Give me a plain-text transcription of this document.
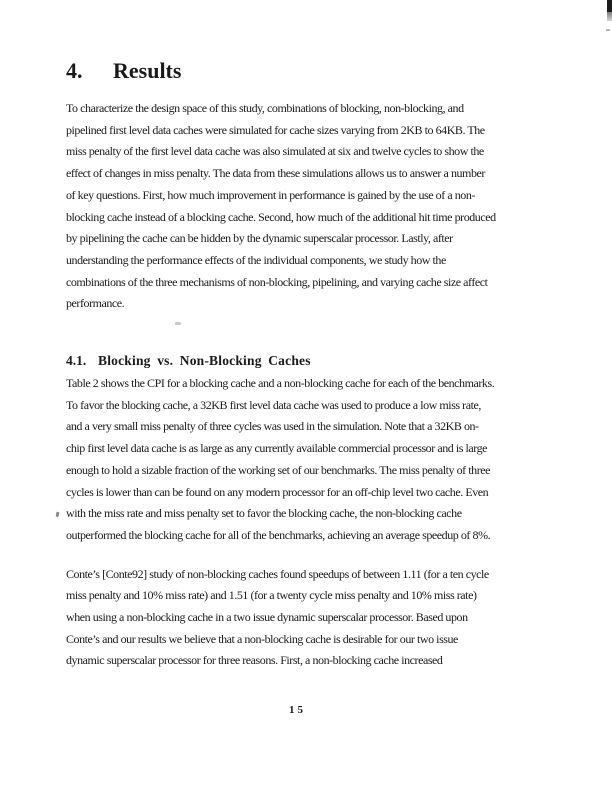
4. Results
To characterize the design space of this study, combinations of blocking, non-blocking, and
pipelined first level data caches were simulated for cache sizes varying from 2KB to 64KB. The
miss penalty of the first level data cache was also simulated at six and twelve cycles to show the
effect of changes in miss penalty. The data from these simulations allows us to answer a number
of key questions. First, how much improvement in performance is gained by the use of a non-
blocking cache instead of a blocking cache. Second, how much of the additional hit time produced
by pipelining the cache can be hidden by the dynamic superscalar processor. Lastly, after
understanding the performance effects of the individual components, we study how the
combinations of the three mechanisms of non-blocking, pipelining, and varying cache size affect
performance.
4.1. Blocking vs. Non-Blocking Caches
Table 2 shows the CPI for a blocking cache and a non-blocking cache for each of the benchmarks.
To favor the blocking cache, a 32KB first level data cache was used to produce a low miss rate,
and a very small miss penalty of three cycles was used in the simulation. Note that a 32KB on-
chip first level data cache is as large as any currently available commercial processor and is large
enough to hold a sizable fraction of the working set of our benchmarks. The miss penalty of three
cycles is lower than can be found on any modern processor for an off-chip level two cache. Even
with the miss rate and miss penalty set to favor the blocking cache, the non-blocking cache
outperformed the blocking cache for all of the benchmarks, achieving an average speedup of 8%.
Conte’s [Conte92] study of non-blocking caches found speedups of between 1.11 (for a ten cycle
miss penalty and 10% miss rate) and 1.51 (for a twenty cycle miss penalty and 10% miss rate)
when using a non-blocking cache in a two issue dynamic superscalar processor. Based upon
Conte’s and our results we believe that a non-blocking cache is desirable for our two issue
dynamic superscalar processor for three reasons. First, a non-blocking cache increased
15
